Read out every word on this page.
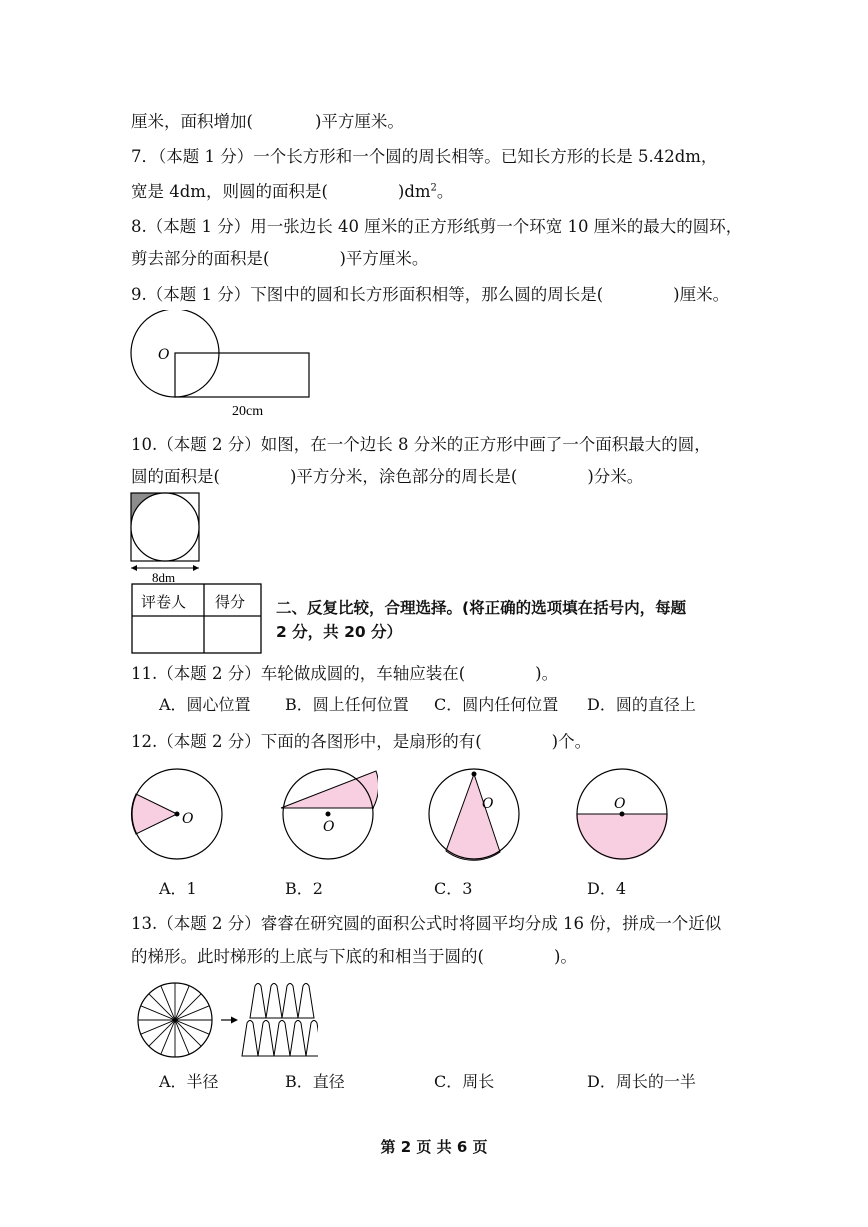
厘米，面积增加(	)平方厘米。
7．（本题 1 分）一个长方形和一个圆的周长相等。已知长方形的长是 5.42dm，
宽是 4dm，则圆的面积是(	)$dm^2$。
8.（本题 1 分）用一张边长 40 厘米的正方形纸剪一个环宽 10 厘米的最大的圆环，
剪去部分的面积是(	)平方厘米。
9.（本题 1 分）下图中的圆和长方形面积相等，那么圆的周长是(	)厘米。
O
20cm
10.（本题 2 分）如图，在一个边长 8 分米的正方形中画了一个面积最大的圆，
圆的面积是(	)平方分米，涂色部分的周长是(	)分米。
8dm
评卷人 得分 二、反复比较，合理选择。(将正确的选项填在括号内，每题
2 分，共 20 分）
11.（本题 2 分）车轮做成圆的，车轴应装在(	)。
A．圆心位置 B．圆上任何位置 C．圆内任何位置 D．圆的直径上
12.（本题 2 分）下面的各图形中，是扇形的有(	)个。
O	O
O	O
A．1	B．2	C．3	D．4
13.（本题 2 分）睿睿在研究圆的面积公式时将圆平均分成 16 份，拼成一个近似
的梯形。此时梯形的上底与下底的和相当于圆的(	)。
A．半径	B．直径	C．周长	D．周长的一半
第 2 页 共 6 页
